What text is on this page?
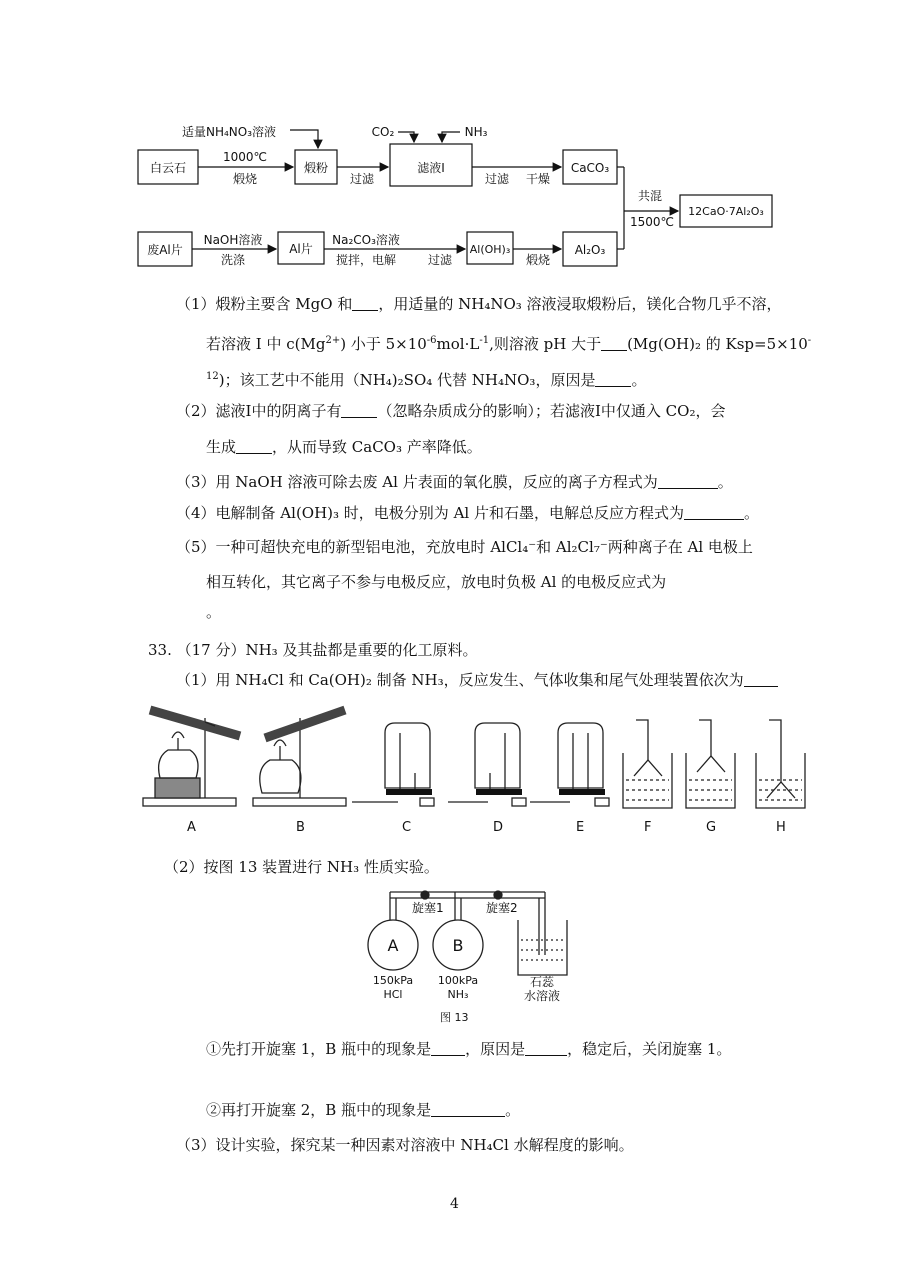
白云石
适量NH₄NO₃溶液
1000℃
煅烧
煅粉
过滤
CO₂	NH₃
滤液I
过滤 干燥
CaCO₃
共混
1500℃
12CaO·7Al₂O₃
废Al片
NaOH溶液
洗涤
Al片
Na₂CO₃溶液
搅拌，电解	过滤
Al(OH)₃
煅烧
Al₂O₃
（1）煅粉主要含 MgO 和 ，用适量的 NH₄NO₃ 溶液浸取煅粉后，镁化合物几乎不溶，
若溶液 I 中 $c(Mg^{2+})$ 小于 $5\times 10^{-6}mol\cdot L^{-1}$,则溶液 pH 大于 (Mg(OH)₂ 的 Ksp=5×10-
$^{12}$)；该工艺中不能用（NH₄)₂SO₄ 代替 NH₄NO₃，原因是 。
（2）滤液Ⅰ中的阴离子有 （忽略杂质成分的影响）；若滤液Ⅰ中仅通入 CO₂，会
生成 ，从而导致 CaCO₃ 产率降低。
（3）用 NaOH 溶液可除去废 Al 片表面的氧化膜，反应的离子方程式为	。
（4）电解制备 Al(OH)₃ 时，电极分别为 Al 片和石墨，电解总反应方程式为	。
（5）一种可超快充电的新型铝电池，充放电时 AlCl₄⁻和 Al₂Cl₇⁻两种离子在 Al 电极上
相互转化，其它离子不参与电极反应，放电时负极 Al 的电极反应式为
。
33. （17 分）NH₃ 及其盐都是重要的化工原料。
（1）用 NH₄Cl 和 Ca(OH)₂ 制备 NH₃，反应发生、气体收集和尾气处理装置依次为
A	B	C	D	E	F	G	H
（2）按图 13 装置进行 NH₃ 性质实验。
旋塞1	旋塞2
A	B
150kPa
HCl
100kPa
NH₃
石蕊
水溶液
图 13
①先打开旋塞 1，B 瓶中的现象是 ，原因是	，稳定后，关闭旋塞 1。
②再打开旋塞 2，B 瓶中的现象是	。
（3）设计实验，探究某一种因素对溶液中 NH₄Cl 水解程度的影响。
4
